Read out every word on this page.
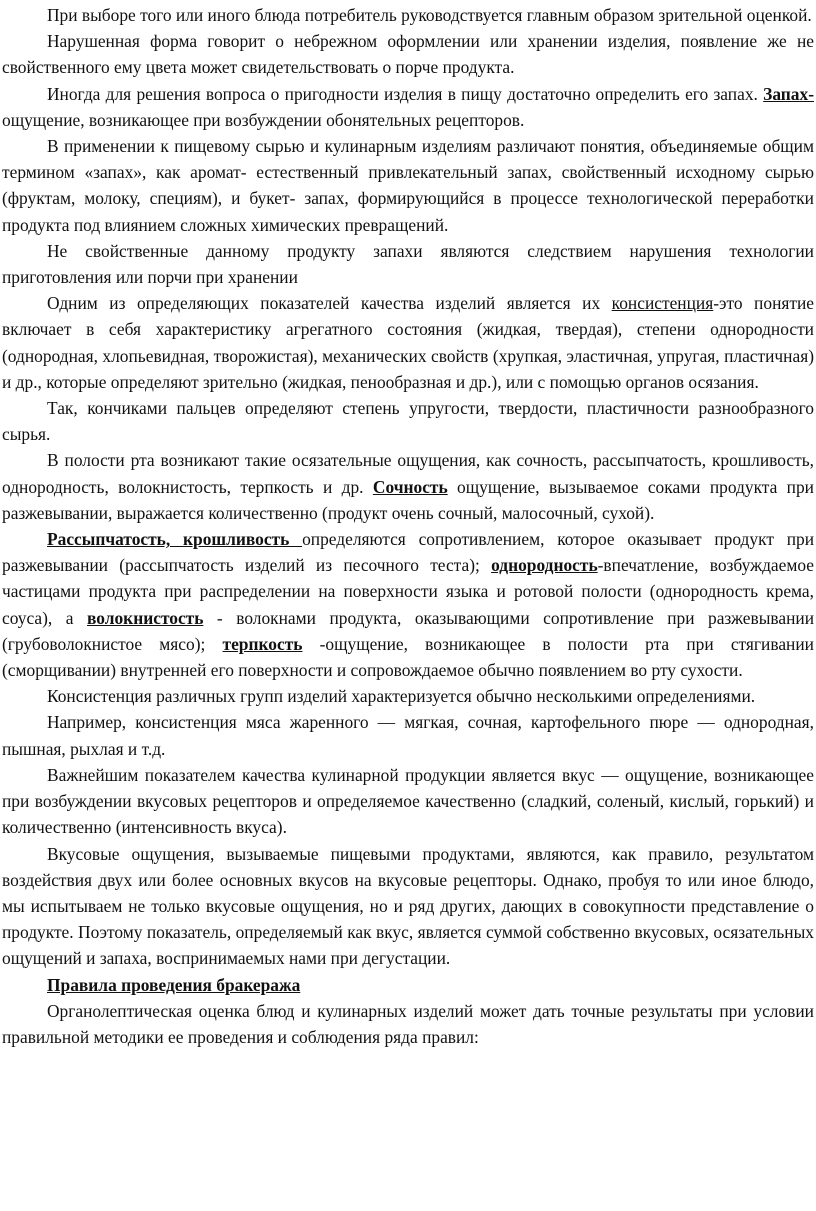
При выборе того или иного блюда потребитель руководствуется главным образом зрительной оценкой.

Нарушенная форма говорит о небрежном оформлении или хранении изделия, появление же не свойственного ему цвета может свидетельствовать о порче продукта.

Иногда для решения вопроса о пригодности изделия в пищу достаточно определить его запах. Запах- ощущение, возникающее при возбуждении обонятельных рецепторов.

В применении к пищевому сырью и кулинарным изделиям различают понятия, объединяемые общим термином «запах», как аромат- естественный привлекательный запах, свойственный исходному сырью (фруктам, молоку, специям), и букет- запах, формирующийся в процессе технологической переработки продукта под влиянием сложных химических превращений.

Не свойственные данному продукту запахи являются следствием нарушения технологии приготовления или порчи при хранении

Одним из определяющих показателей качества изделий является их консистенция-это понятие включает в себя характеристику агрегатного состояния (жидкая, твердая), степени однородности (однородная, хлопьевидная, творожистая), механических свойств (хрупкая, эластичная, упругая, пластичная) и др., которые определяют зрительно (жидкая, пенообразная и др.), или с помощью органов осязания.

Так, кончиками пальцев определяют степень упругости, твердости, пластичности разнообразного сырья.

В полости рта возникают такие осязательные ощущения, как сочность, рассыпчатость, крошливость, однородность, волокнистость, терпкость и др. Сочность ощущение, вызываемое соками продукта при разжевывании, выражается количественно (продукт очень сочный, малосочный, сухой).

Рассыпчатость, крошливость определяются сопротивлением, которое оказывает продукт при разжевывании (рассыпчатость изделий из песочного теста); однородность-впечатление, возбуждаемое частицами продукта при распределении на поверхности языка и ротовой полости (однородность крема, соуса), а волокнистость - волокнами продукта, оказывающими сопротивление при разжевывании (грубоволокнистое мясо); терпкость -ощущение, возникающее в полости рта при стягивании (сморщивании) внутренней его поверхности и сопровождаемое обычно появлением во рту сухости.

Консистенция различных групп изделий характеризуется обычно несколькими определениями.

Например, консистенция мяса жаренного — мягкая, сочная, картофельного пюре — однородная, пышная, рыхлая и т.д.

Важнейшим показателем качества кулинарной продукции является вкус — ощущение, возникающее при возбуждении вкусовых рецепторов и определяемое качественно (сладкий, соленый, кислый, горький) и количественно (интенсивность вкуса).

Вкусовые ощущения, вызываемые пищевыми продуктами, являются, как правило, результатом воздействия двух или более основных вкусов на вкусовые рецепторы. Однако, пробуя то или иное блюдо, мы испытываем не только вкусовые ощущения, но и ряд других, дающих в совокупности представление о продукте. Поэтому показатель, определяемый как вкус, является суммой собственно вкусовых, осязательных ощущений и запаха, воспринимаемых нами при дегустации.

Правила проведения бракеража

Органолептическая оценка блюд и кулинарных изделий может дать точные результаты при условии правильной методики ее проведения и соблюдения ряда правил:
